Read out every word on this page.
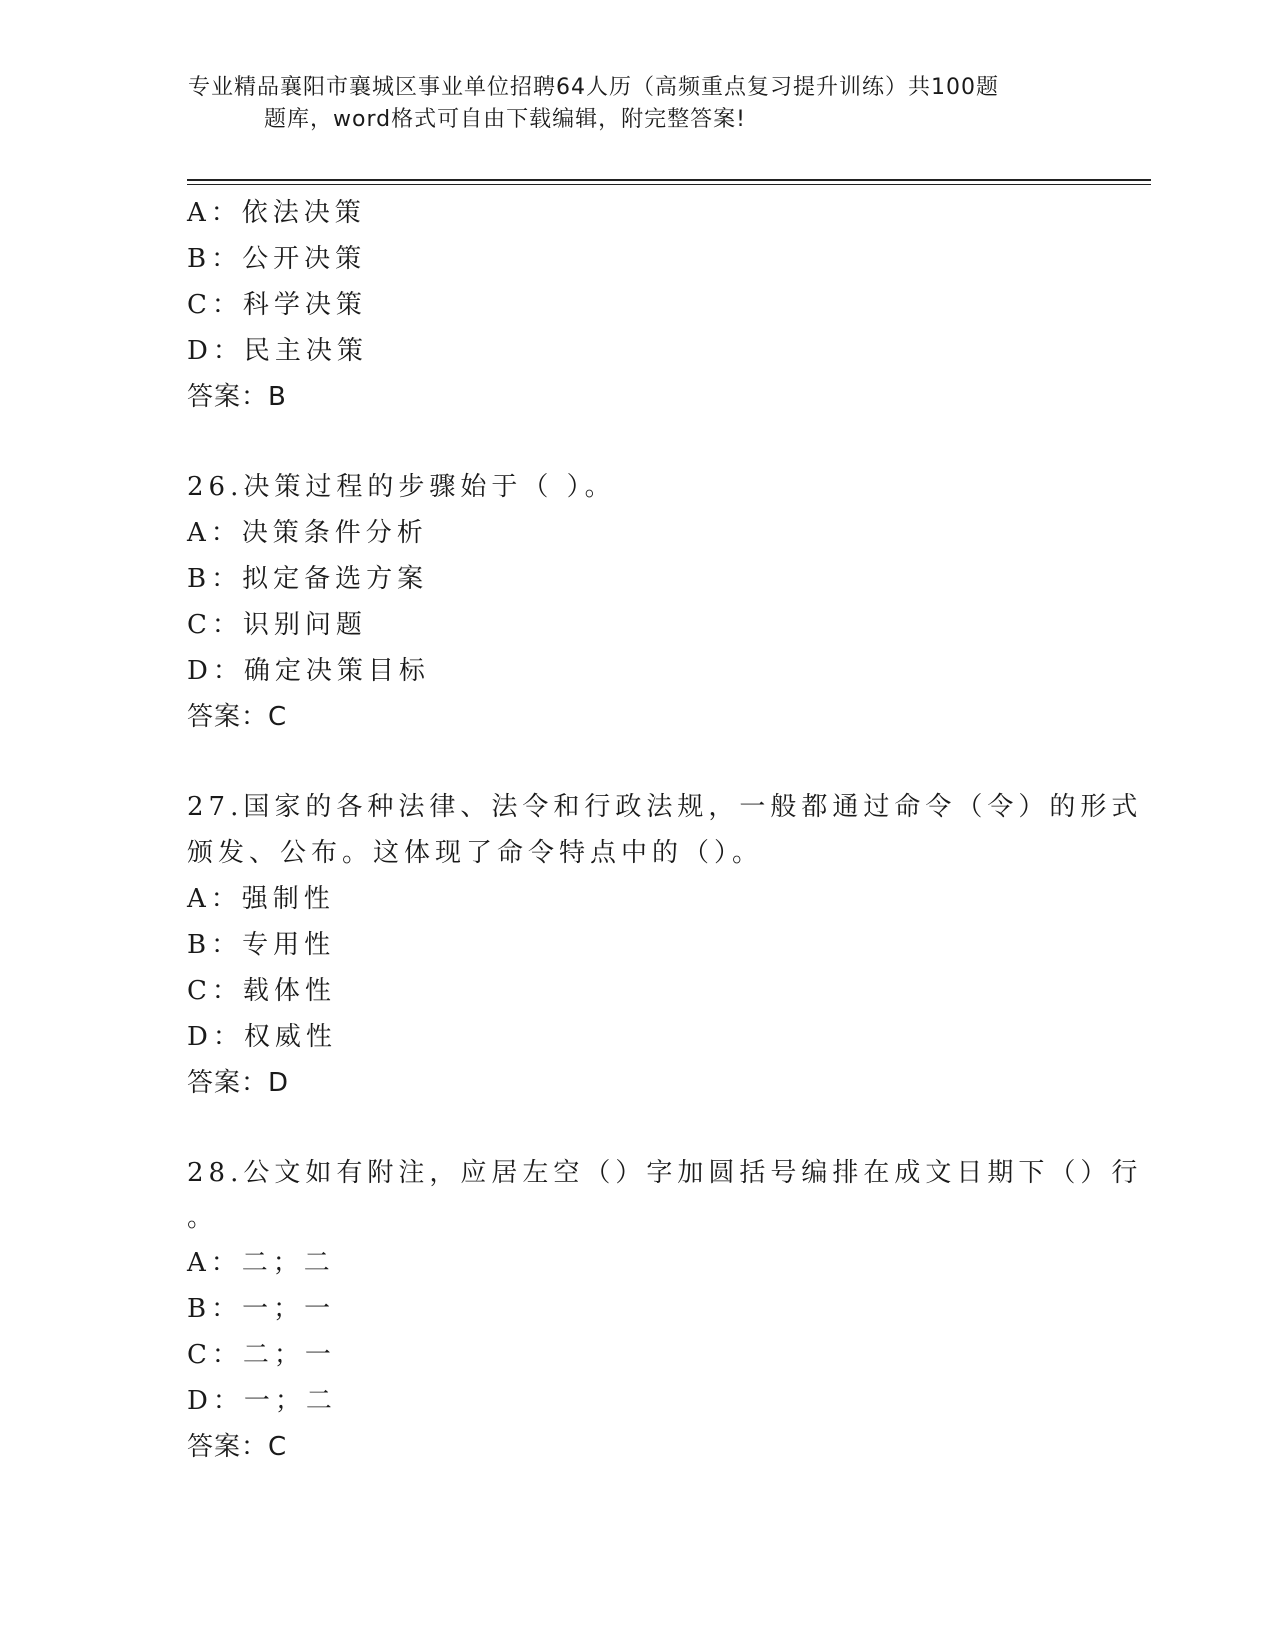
专业精品襄阳市襄城区事业单位招聘64人历（高频重点复习提升训练）共100题
题库，word格式可自由下载编辑，附完整答案!
A：依法决策
B：公开决策
C：科学决策
D：民主决策
答案：B
26.决策过程的步骤始于（ ）。
A：决策条件分析
B：拟定备选方案
C：识别问题
D：确定决策目标
答案：C
27.国家的各种法律、法令和行政法规，一般都通过命令（令）的形式
颁发、公布。这体现了命令特点中的（）。
A：强制性
B：专用性
C：载体性
D：权威性
答案：D
28.公文如有附注，应居左空（）字加圆括号编排在成文日期下（）行
。
A：二；二
B：一；一
C：二；一
D：一；二
答案：C
